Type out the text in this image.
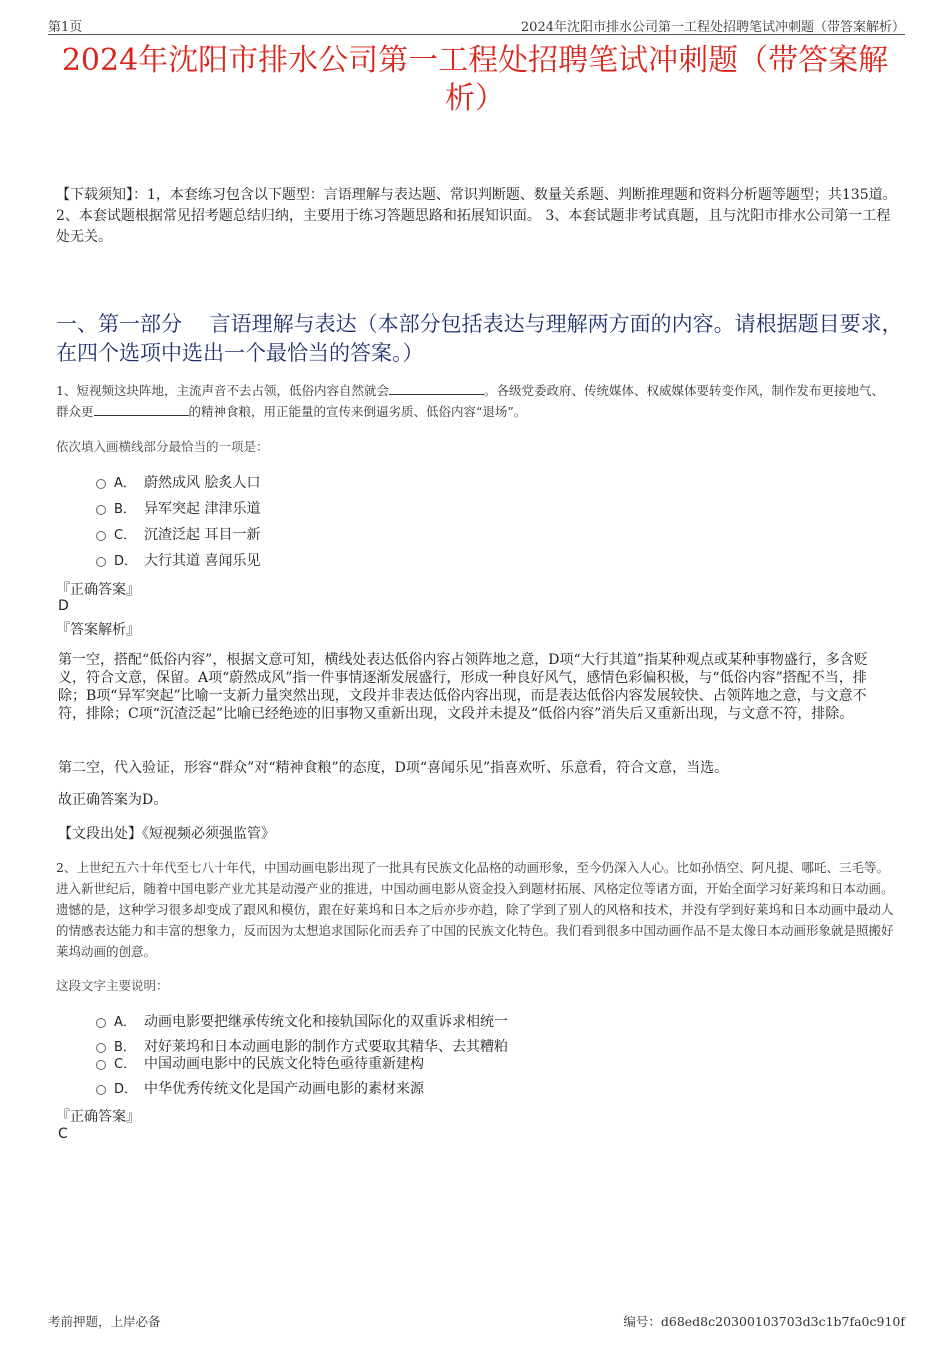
第1页	2024年沈阳市排水公司第一工程处招聘笔试冲刺题（带答案解析）
2024年沈阳市排水公司第一工程处招聘笔试冲刺题（带答案解析）
【下载须知】：1，本套练习包含以下题型：言语理解与表达题、常识判断题、数量关系题、判断推理题和资料分析题等题型；共135道。 2、本套试题根据常见招考题总结归纳，主要用于练习答题思路和拓展知识面。 3、本套试题非考试真题，且与沈阳市排水公司第一工程处无关。
一、第一部分　 言语理解与表达（本部分包括表达与理解两方面的内容。请根据题目要求，在四个选项中选出一个最恰当的答案。）
1、短视频这块阵地，主流声音不去占领，低俗内容自然就会	。各级党委政府、传统媒体、权威媒体要转变作风，制作发布更接地气、群众更	的精神食粮，用正能量的宣传来倒逼劣质、低俗内容“退场”。
依次填入画横线部分最恰当的一项是：
A． 蔚然成风 脍炙人口
B． 异军突起 津津乐道
C． 沉渣泛起 耳目一新
D． 大行其道 喜闻乐见
『正确答案』
D
『答案解析』
第一空，搭配“低俗内容”，根据文意可知，横线处表达低俗内容占领阵地之意，D项“大行其道”指某种观点或某种事物盛行，多含贬义，符合文意，保留。A项“蔚然成风”指一件事情逐渐发展盛行，形成一种良好风气，感情色彩偏积极，与“低俗内容”搭配不当，排除；B项“异军突起”比喻一支新力量突然出现，文段并非表达低俗内容出现，而是表达低俗内容发展较快、占领阵地之意，与文意不符，排除；C项“沉渣泛起”比喻已经绝迹的旧事物又重新出现，文段并未提及“低俗内容”消失后又重新出现，与文意不符，排除。
第二空，代入验证，形容“群众”对“精神食粮”的态度，D项“喜闻乐见”指喜欢听、乐意看，符合文意，当选。
故正确答案为D。
【文段出处】《短视频必须强监管》
2、上世纪五六十年代至七八十年代，中国动画电影出现了一批具有民族文化品格的动画形象，至今仍深入人心。比如孙悟空、阿凡提、哪吒、三毛等。进入新世纪后，随着中国电影产业尤其是动漫产业的推进，中国动画电影从资金投入到题材拓展、风格定位等诸方面，开始全面学习好莱坞和日本动画。遗憾的是，这种学习很多却变成了跟风和模仿，跟在好莱坞和日本之后亦步亦趋，除了学到了别人的风格和技术，并没有学到好莱坞和日本动画中最动人的情感表达能力和丰富的想象力，反而因为太想追求国际化而丢弃了中国的民族文化特色。我们看到很多中国动画作品不是太像日本动画形象就是照搬好莱坞动画的创意。
这段文字主要说明：
A． 动画电影要把继承传统文化和接轨国际化的双重诉求相统一
B． 对好莱坞和日本动画电影的制作方式要取其精华、去其糟粕
C． 中国动画电影中的民族文化特色亟待重新建构
D． 中华优秀传统文化是国产动画电影的素材来源
『正确答案』
C
考前押题，上岸必备	编号：d68ed8c20300103703d3c1b7fa0c910f
